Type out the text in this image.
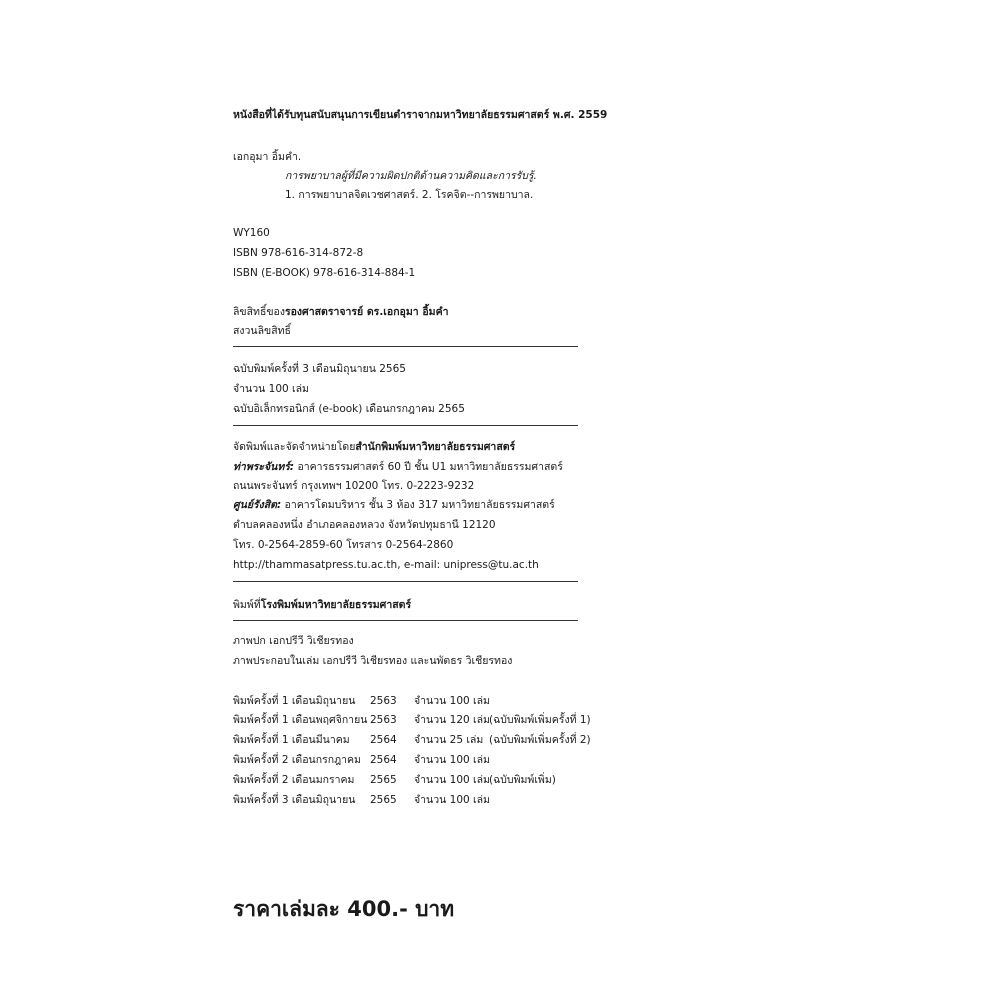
หนังสือที่ได้รับทุนสนับสนุนการเขียนตำราจากมหาวิทยาลัยธรรมศาสตร์ พ.ศ. 2559
เอกอุมา อิ้มคำ.
การพยาบาลผู้ที่มีความผิดปกติด้านความคิดและการรับรู้.
1. การพยาบาลจิตเวชศาสตร์. 2. โรคจิต--การพยาบาล.
WY160
ISBN 978-616-314-872-8
ISBN (E-BOOK) 978-616-314-884-1
ลิขสิทธิ์ของรองศาสตราจารย์ ดร.เอกอุมา อิ้มคำ
สงวนลิขสิทธิ์
ฉบับพิมพ์ครั้งที่ 3 เดือนมิถุนายน 2565
จำนวน 100 เล่ม
ฉบับอิเล็กทรอนิกส์ (e-book) เดือนกรกฎาคม 2565
จัดพิมพ์และจัดจำหน่ายโดยสำนักพิมพ์มหาวิทยาลัยธรรมศาสตร์
ท่าพระจันทร์: อาคารธรรมศาสตร์ 60 ปี ชั้น U1 มหาวิทยาลัยธรรมศาสตร์
ถนนพระจันทร์ กรุงเทพฯ 10200 โทร. 0-2223-9232
ศูนย์รังสิต: อาคารโดมบริหาร ชั้น 3 ห้อง 317 มหาวิทยาลัยธรรมศาสตร์
ตำบลคลองหนึ่ง อำเภอคลองหลวง จังหวัดปทุมธานี 12120
โทร. 0-2564-2859-60 โทรสาร 0-2564-2860
http://thammasatpress.tu.ac.th, e-mail: unipress@tu.ac.th
พิมพ์ที่โรงพิมพ์มหาวิทยาลัยธรรมศาสตร์
ภาพปก เอกปรีวี วิเชียรทอง
ภาพประกอบในเล่ม เอกปรีวี วิเชียรทอง และนพัตธร วิเชียรทอง
พิมพ์ครั้งที่ 1 เดือนมิถุนายน 2563 จำนวน 100 เล่ม
พิมพ์ครั้งที่ 1 เดือนพฤศจิกายน 2563 จำนวน 120 เล่ม (ฉบับพิมพ์เพิ่มครั้งที่ 1)
พิมพ์ครั้งที่ 1 เดือนมีนาคม 2564 จำนวน 25 เล่ม (ฉบับพิมพ์เพิ่มครั้งที่ 2)
พิมพ์ครั้งที่ 2 เดือนกรกฎาคม 2564 จำนวน 100 เล่ม
พิมพ์ครั้งที่ 2 เดือนมกราคม 2565 จำนวน 100 เล่ม (ฉบับพิมพ์เพิ่ม)
พิมพ์ครั้งที่ 3 เดือนมิถุนายน 2565 จำนวน 100 เล่ม
ราคาเล่มละ 400.- บาท
